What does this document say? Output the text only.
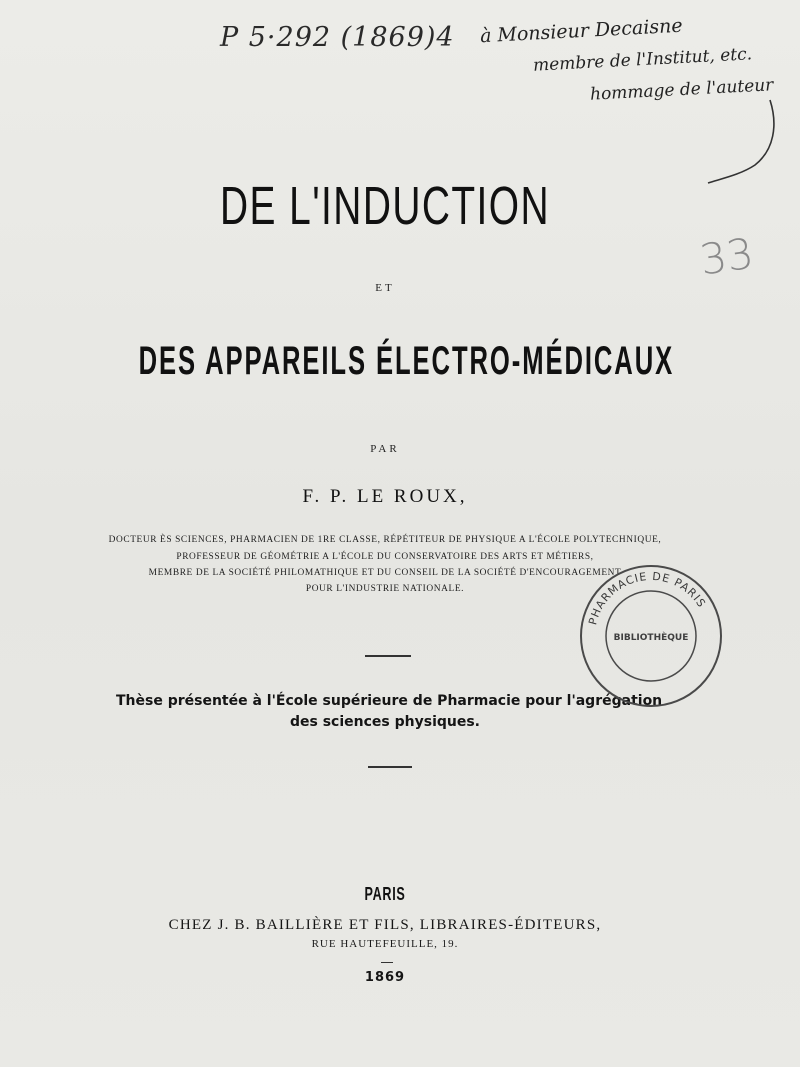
P 5·292 (1869)4 à Monsieur Decaisne
membre de l'Institut, etc.
hommage de l'auteur
33
DE L'INDUCTION
ET
DES APPAREILS ÉLECTRO-MÉDICAUX
PAR
F. P. LE ROUX,
DOCTEUR ÈS SCIENCES, PHARMACIEN DE 1RE CLASSE, RÉPÉTITEUR DE PHYSIQUE A L'ÉCOLE POLYTECHNIQUE,
PROFESSEUR DE GÉOMÉTRIE A L'ÉCOLE DU CONSERVATOIRE DES ARTS ET MÉTIERS,
MEMBRE DE LA SOCIÉTÉ PHILOMATHIQUE ET DU CONSEIL DE LA SOCIÉTÉ D'ENCOURAGEMENT
POUR L'INDUSTRIE NATIONALE.
Thèse présentée à l'École supérieure de Pharmacie pour l'agrégation
des sciences physiques.
PARIS
CHEZ J. B. BAILLIÈRE ET FILS, LIBRAIRES-ÉDITEURS,
RUE HAUTEFEUILLE, 19.
1869
PHARMACIE DE PARIS
BIBLIOTHÈQUE
